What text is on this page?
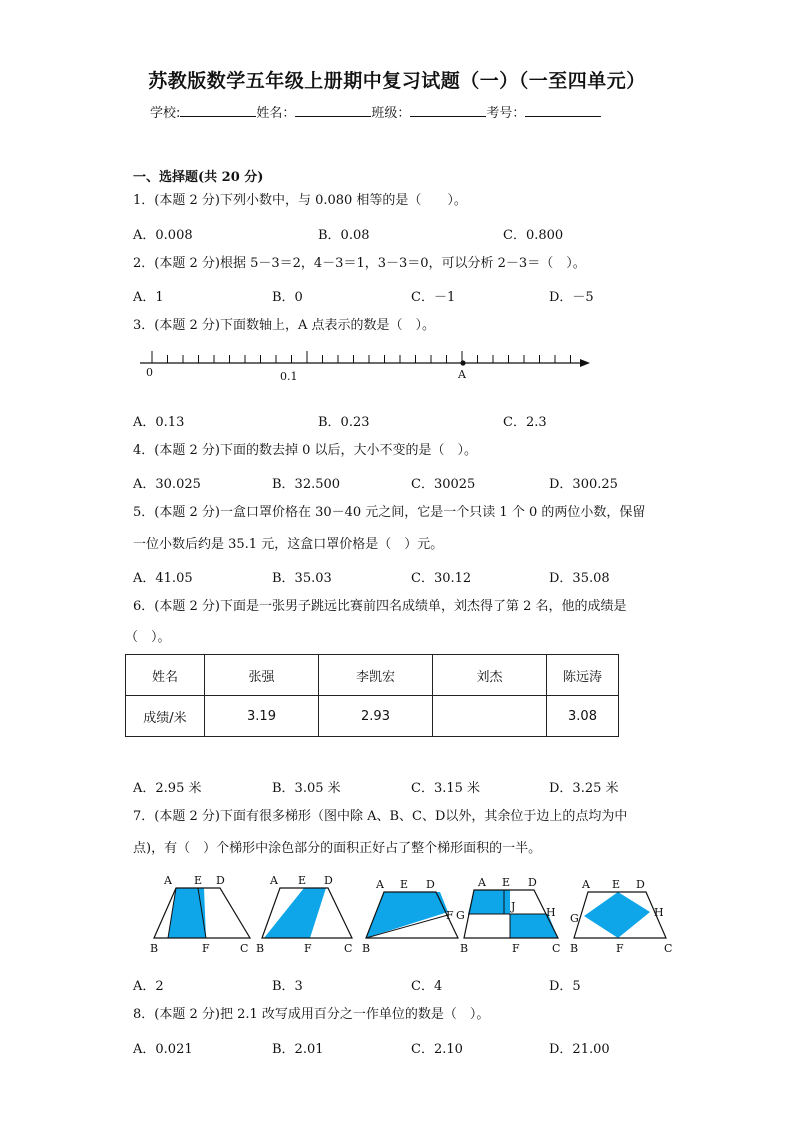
苏教版数学五年级上册期中复习试题（一）（一至四单元）
学校:	姓名：	班级：	考号：
一、选择题(共 20 分)
1．(本题 2 分)下列小数中，与 0.080 相等的是（　　）。
A．0.008	B．0.08	C．0.800
2．(本题 2 分)根据 5－3＝2，4－3＝1，3－3＝0，可以分析 2－3＝（　）。
A．1	B．0	C．－1	D．－5
3．(本题 2 分)下面数轴上，A 点表示的数是（　）。
0	0.1	A
A．0.13	B．0.23	C．2.3
4．(本题 2 分)下面的数去掉 0 以后，大小不变的是（　）。
A．30.025	B．32.500	C．30025	D．300.25
5．(本题 2 分)一盒口罩价格在 30－40 元之间，它是一个只读 1 个 0 的两位小数，保留
一位小数后约是 35.1 元，这盒口罩价格是（　）元。
A．41.05	B．35.03	C．30.12	D．35.08
6．(本题 2 分)下面是一张男子跳远比赛前四名成绩单，刘杰得了第 2 名，他的成绩是
（　）。
姓名	张强	李凯宏	刘杰	陈远涛
成绩/米	3.19	2.93		3.08
A．2.95 米	B．3.05 米	C．3.15 米	D．3.25 米
7．(本题 2 分)下面有很多梯形（图中除 A、B、C、D以外，其余位于边上的点均为中
点)，有（　）个梯形中涂色部分的面积正好占了整个梯形面积的一半。
A E D
B	F	C
A E D
B	F	C
A E D
B
F G
A E D
J	H
B	F	C
A E D
G	H
B	F	C
A．2	B．3	C．4	D．5
8．(本题 2 分)把 2.1 改写成用百分之一作单位的数是（　）。
A．0.021	B．2.01	C．2.10	D．21.00
